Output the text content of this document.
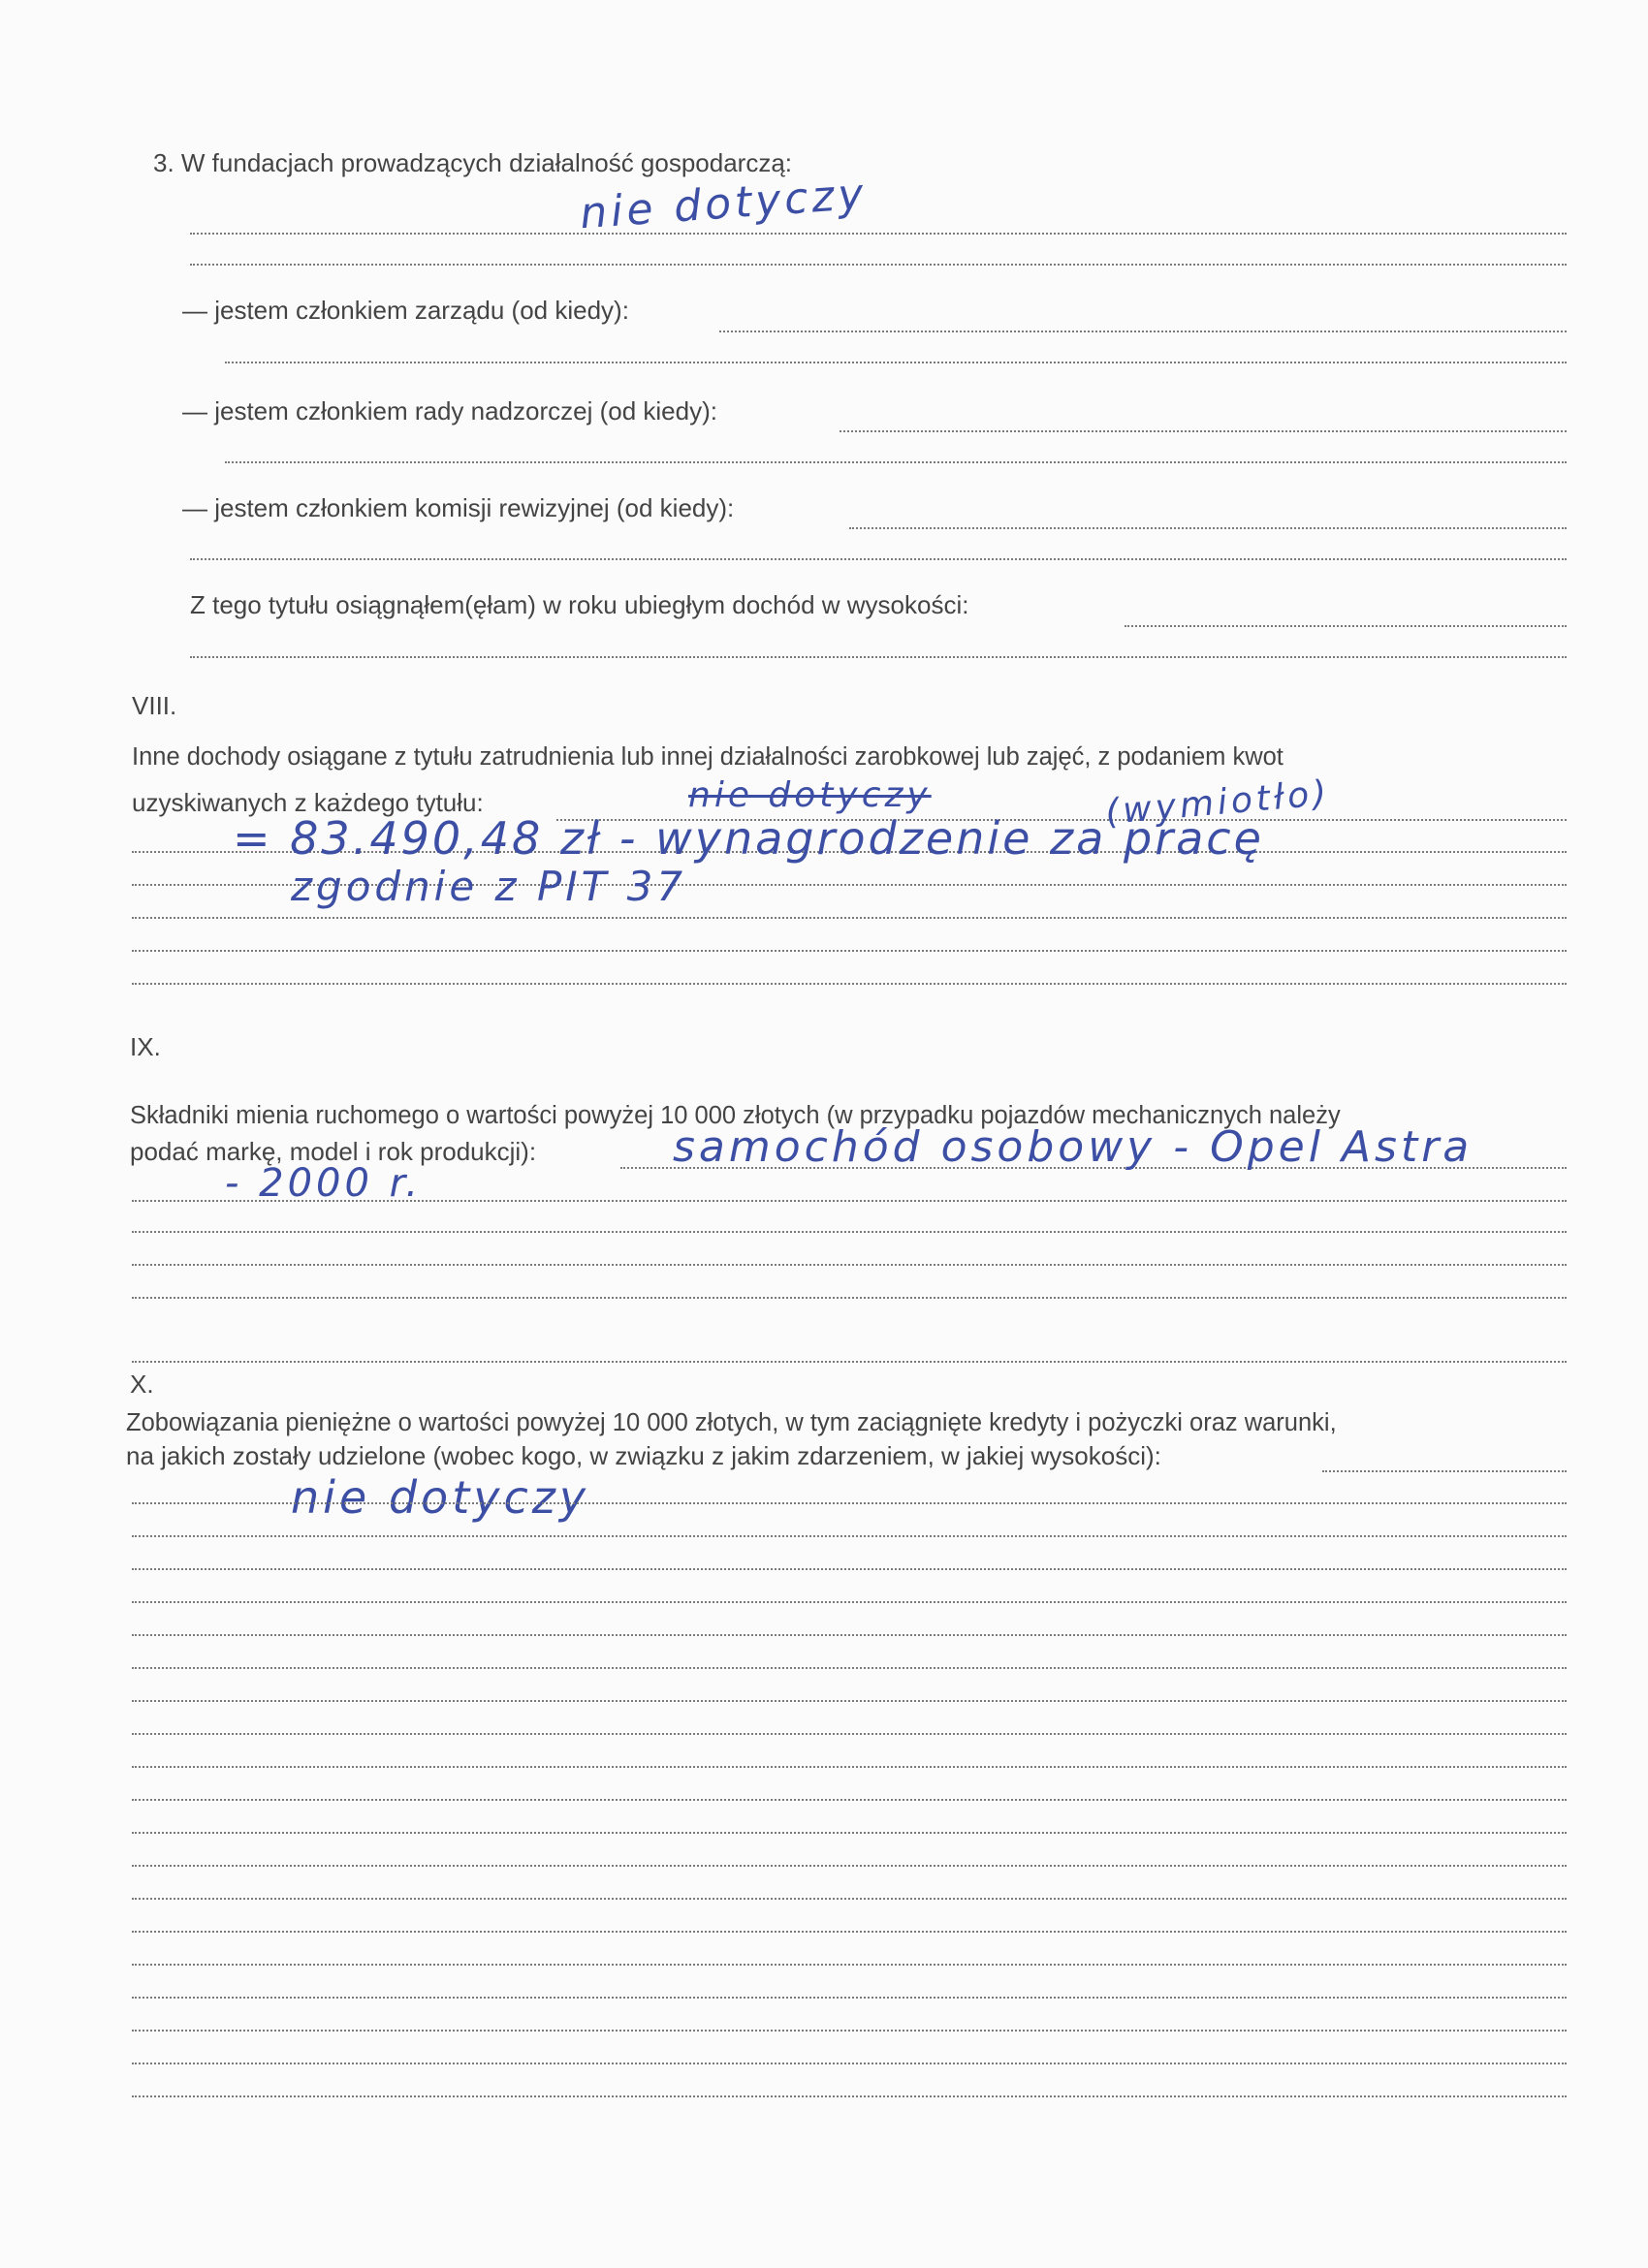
3. W fundacjach prowadzących działalność gospodarczą:
nie dotyczy
— jestem członkiem zarządu (od kiedy):
— jestem członkiem rady nadzorczej (od kiedy):
— jestem członkiem komisji rewizyjnej (od kiedy):
Z tego tytułu osiągnąłem(ęłam) w roku ubiegłym dochód w wysokości:
VIII.
Inne dochody osiągane z tytułu zatrudnienia lub innej działalności zarobkowej lub zajęć, z podaniem kwot
uzyskiwanych z każdego tytułu:	nie dotyczy	(wymiotło)
= 83.490,48 zł - wynagrodzenie za pracę
zgodnie z PIT 37
IX.
Składniki mienia ruchomego o wartości powyżej 10 000 złotych (w przypadku pojazdów mechanicznych należy
podać markę, model i rok produkcji):	samochód osobowy - Opel Astra
- 2000 r.
X.
Zobowiązania pieniężne o wartości powyżej 10 000 złotych, w tym zaciągnięte kredyty i pożyczki oraz warunki,
na jakich zostały udzielone (wobec kogo, w związku z jakim zdarzeniem, w jakiej wysokości):
nie dotyczy
